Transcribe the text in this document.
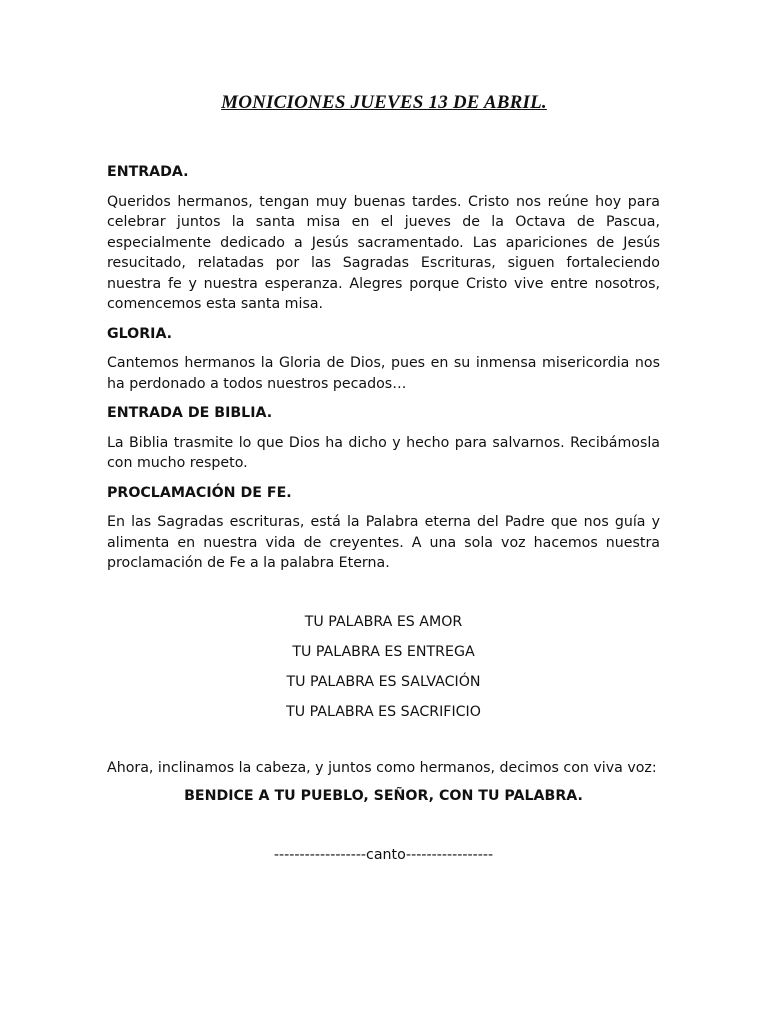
MONICIONES JUEVES 13 DE ABRIL.
ENTRADA.
Queridos hermanos, tengan muy buenas tardes. Cristo nos reúne hoy para celebrar juntos la santa misa en el jueves de la Octava de Pascua, especialmente dedicado a Jesús sacramentado. Las apariciones de Jesús resucitado, relatadas por las Sagradas Escrituras, siguen fortaleciendo nuestra fe y nuestra esperanza. Alegres porque Cristo vive entre nosotros, comencemos esta santa misa.
GLORIA.
Cantemos hermanos la Gloria de Dios, pues en su inmensa misericordia nos ha perdonado a todos nuestros pecados…
ENTRADA DE BIBLIA.
La Biblia trasmite lo que Dios ha dicho y hecho para salvarnos. Recibámosla con mucho respeto.
PROCLAMACIÓN DE FE.
En las Sagradas escrituras, está la Palabra eterna del Padre que nos guía y alimenta en nuestra vida de creyentes. A una sola voz hacemos nuestra proclamación de Fe a la palabra Eterna.
TU PALABRA ES AMOR
TU PALABRA ES ENTREGA
TU PALABRA ES SALVACIÓN
TU PALABRA ES SACRIFICIO
Ahora, inclinamos la cabeza, y juntos como hermanos, decimos con viva voz:
BENDICE A TU PUEBLO, SEÑOR, CON TU PALABRA.
------------------canto-----------------
